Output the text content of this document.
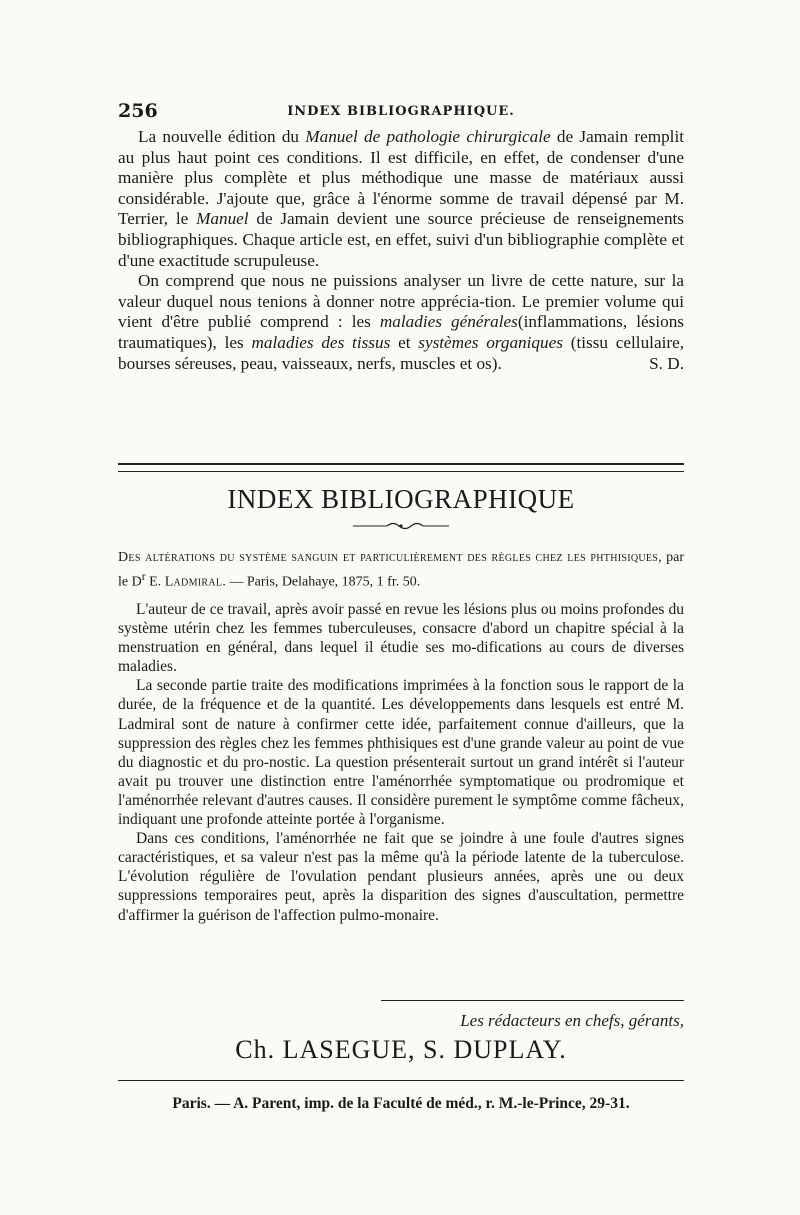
256	INDEX BIBLIOGRAPHIQUE.

La nouvelle édition du Manuel de pathologie chirurgicale de Jamain remplit au plus haut point ces conditions. Il est difficile, en effet, de condenser d'une manière plus complète et plus méthodique une masse de matériaux aussi considérable. J'ajoute que, grâce à l'énorme somme de travail dépensé par M. Terrier, le Manuel de Jamain devient une source précieuse de renseignements bibliographiques. Chaque article est, en effet, suivi d'un bibliographie complète et d'une exactitude scrupuleuse.

On comprend que nous ne puissions analyser un livre de cette nature, sur la valeur duquel nous tenions à donner notre apprécia-tion. Le premier volume qui vient d'être publié comprend : les maladies générales(inflammations, lésions traumatiques), les maladies des tissus et systèmes organiques (tissu cellulaire, bourses séreuses, peau, vaisseaux, nerfs, muscles et os).	S. D.

INDEX BIBLIOGRAPHIQUE
Des altérations du système sanguin et particulièrement des règles chez les phthisiques, par le $D^r$ E. Ladmiral. — Paris, Delahaye, 1875, 1 fr. 50.

L'auteur de ce travail, après avoir passé en revue les lésions plus ou moins profondes du système utérin chez les femmes tuberculeuses, consacre d'abord un chapitre spécial à la menstruation en général, dans lequel il étudie ses mo-difications au cours de diverses maladies.

La seconde partie traite des modifications imprimées à la fonction sous le rapport de la durée, de la fréquence et de la quantité. Les développements dans lesquels est entré M. Ladmiral sont de nature à confirmer cette idée, parfaitement connue d'ailleurs, que la suppression des règles chez les femmes phthisiques est d'une grande valeur au point de vue du diagnostic et du pro-nostic. La question présenterait surtout un grand intérêt si l'auteur avait pu trouver une distinction entre l'aménorrhée symptomatique ou prodromique et l'aménorrhée relevant d'autres causes. Il considère purement le symptôme comme fâcheux, indiquant une profonde atteinte portée à l'organisme.

Dans ces conditions, l'aménorrhée ne fait que se joindre à une foule d'autres signes caractéristiques, et sa valeur n'est pas la même qu'à la période latente de la tuberculose. L'évolution régulière de l'ovulation pendant plusieurs années, après une ou deux suppressions temporaires peut, après la disparition des signes d'auscultation, permettre d'affirmer la guérison de l'affection pulmo-monaire.

Les rédacteurs en chefs, gérants,
Ch. LASEGUE, S. DUPLAY.
Paris. — A. Parent, imp. de la Faculté de méd., r. M.-le-Prince, 29-31.
